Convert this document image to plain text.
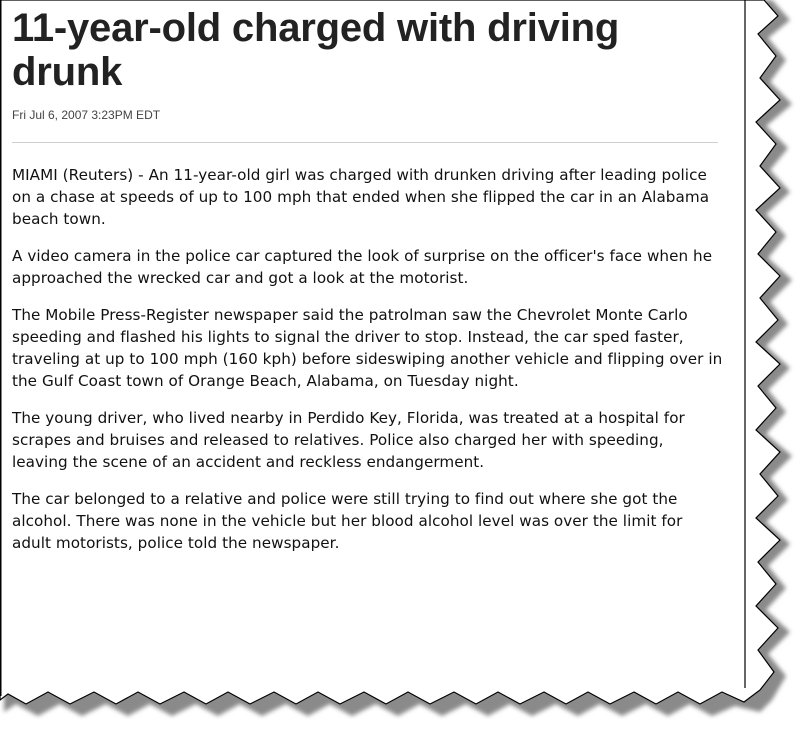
11-year-old charged with driving drunk
Fri Jul 6, 2007 3:23PM EDT

MIAMI (Reuters) - An 11-year-old girl was charged with drunken driving after leading police on a chase at speeds of up to 100 mph that ended when she flipped the car in an Alabama beach town.

A video camera in the police car captured the look of surprise on the officer's face when he approached the wrecked car and got a look at the motorist.

The Mobile Press-Register newspaper said the patrolman saw the Chevrolet Monte Carlo speeding and flashed his lights to signal the driver to stop. Instead, the car sped faster, traveling at up to 100 mph (160 kph) before sideswiping another vehicle and flipping over in the Gulf Coast town of Orange Beach, Alabama, on Tuesday night.

The young driver, who lived nearby in Perdido Key, Florida, was treated at a hospital for scrapes and bruises and released to relatives. Police also charged her with speeding, leaving the scene of an accident and reckless endangerment.

The car belonged to a relative and police were still trying to find out where she got the alcohol. There was none in the vehicle but her blood alcohol level was over the limit for adult motorists, police told the newspaper.
